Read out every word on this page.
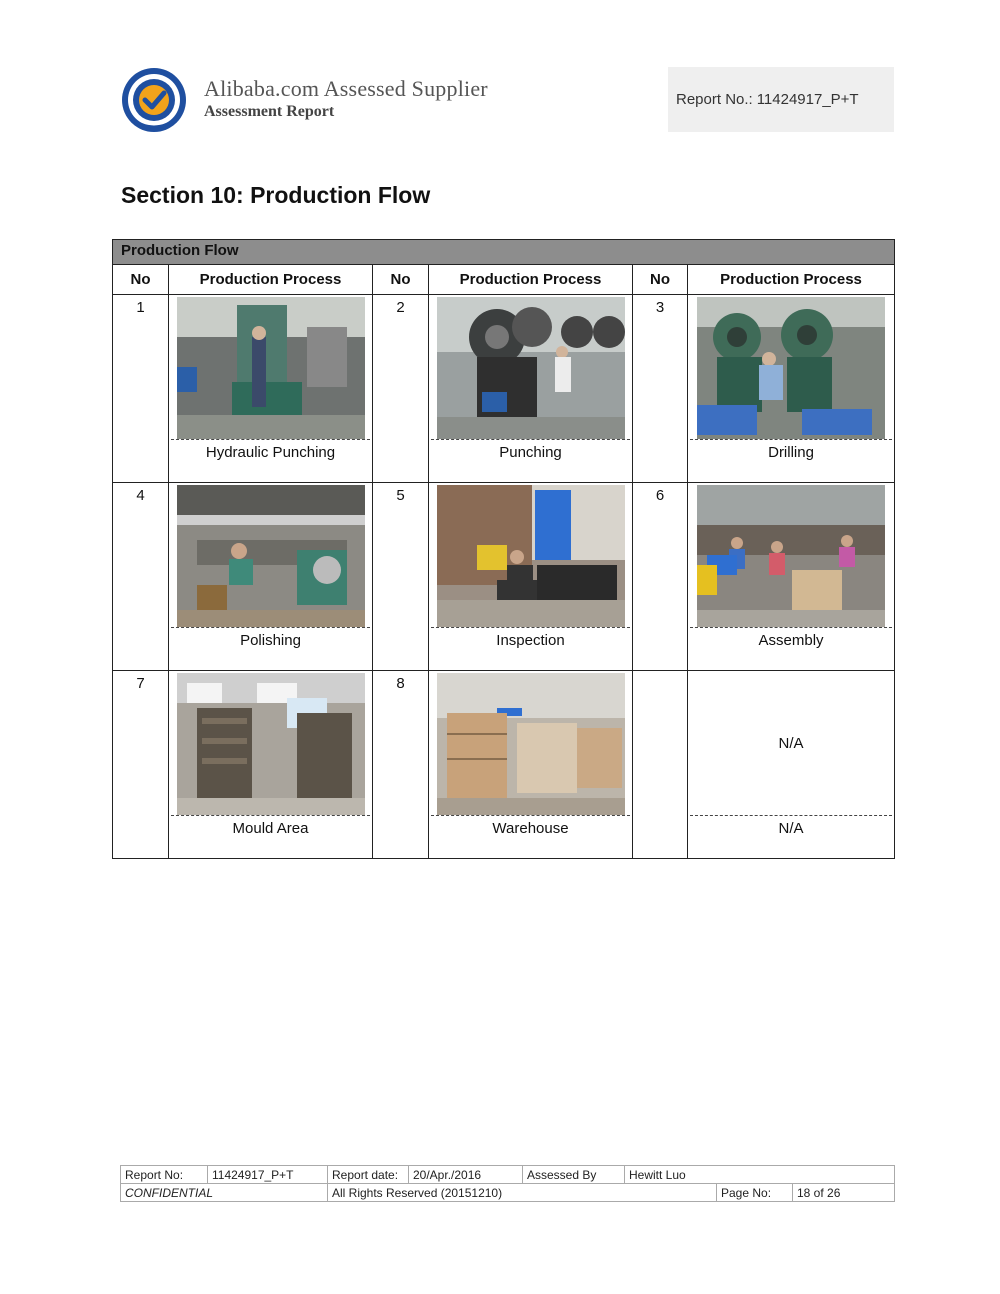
Alibaba.com Assessed Supplier
Assessment Report
Report No.: 11424917_P+T
Section 10: Production Flow
Production Flow					
No	Production Process	No	Production Process	No	Production Process
1	Hydraulic Punching	2	Punching	3	Drilling

4	Polishing	5	Inspection	6	Assembly

7	Mould Area	8	Warehouse		N/A
N/A
Report No:	11424917_P+T	Report date:	20/Apr./2016	Assessed By	Hewitt Luo		
CONFIDENTIAL		All Rights Reserved (20151210)				Page No:	18 of 26
